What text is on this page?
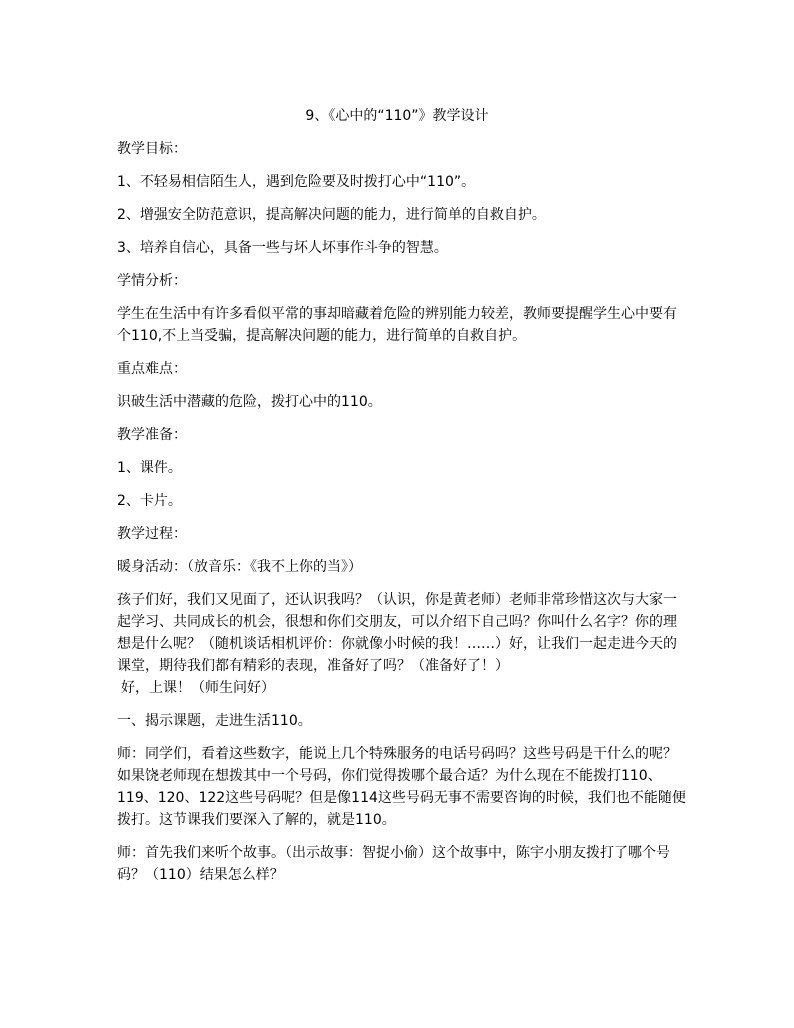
9、《心中的“110”》教学设计

教学目标：

1、不轻易相信陌生人，遇到危险要及时拨打心中“110”。

2、增强安全防范意识，提高解决问题的能力，进行简单的自救自护。

3、培养自信心，具备一些与坏人坏事作斗争的智慧。

学情分析：

学生在生活中有许多看似平常的事却暗藏着危险的辨别能力较差，教师要提醒学生心中要有个110,不上当受骗，提高解决问题的能力，进行简单的自救自护。

重点难点：

识破生活中潜藏的危险，拨打心中的110。

教学准备：

1、课件。

2、卡片。

教学过程：

暖身活动：（放音乐：《我不上你的当》）

孩子们好，我们又见面了，还认识我吗？（认识，你是黄老师）老师非常珍惜这次与大家一起学习、共同成长的机会，很想和你们交朋友，可以介绍下自己吗？你叫什么名字？你的理想是什么呢？（随机谈话相机评价：你就像小时候的我！……）好，让我们一起走进今天的课堂，期待我们都有精彩的表现，准备好了吗？（准备好了！）

好，上课！（师生问好）

一、揭示课题，走进生活110。

师：同学们，看着这些数字，能说上几个特殊服务的电话号码吗？这些号码是干什么的呢？如果饶老师现在想拨其中一个号码，你们觉得拨哪个最合适？为什么现在不能拨打110、119、120、122这些号码呢？但是像114这些号码无事不需要咨询的时候，我们也不能随便拨打。这节课我们要深入了解的，就是110。

师：首先我们来听个故事。（出示故事：智捉小偷）这个故事中，陈宇小朋友拨打了哪个号码？（110）结果怎么样？
